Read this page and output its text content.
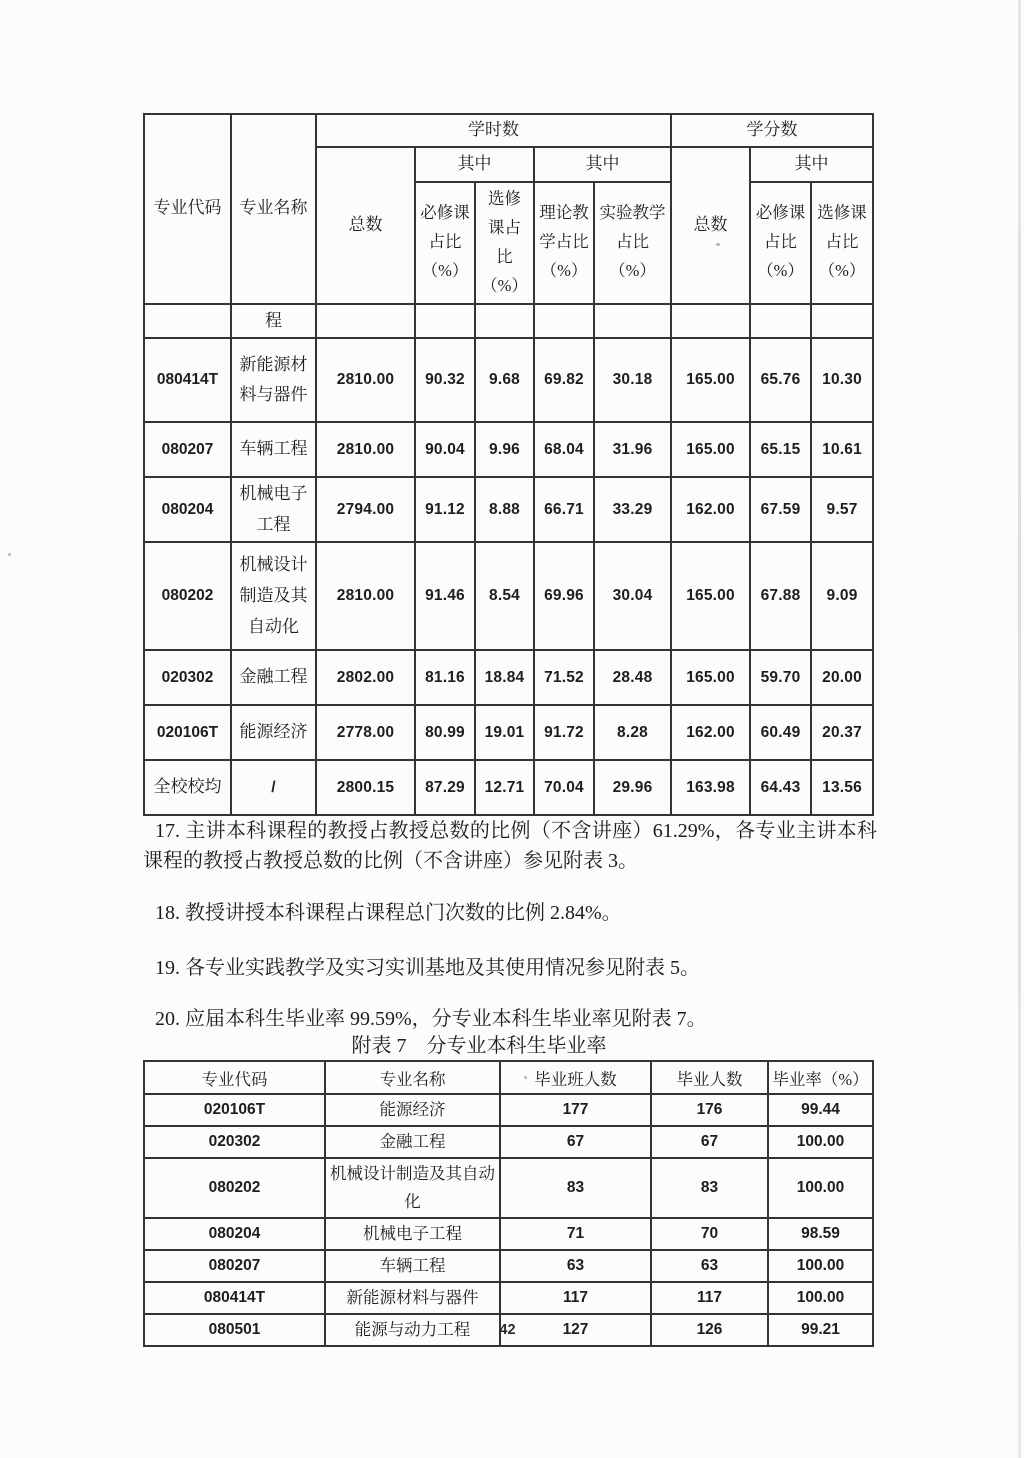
专业代码	专业名称	学时数					学分数		
		总数	其中		其中		总数	其中	
			必修课占比（%）	选修课占比（%）	理论教学占比（%）	实验教学占比（%）		必修课占比（%）	选修课占比（%）
	程								
080414T	新能源材料与器件	2810.00	90.32	9.68	69.82	30.18	165.00	65.76	10.30
080207	车辆工程	2810.00	90.04	9.96	68.04	31.96	165.00	65.15	10.61
080204	机械电子工程	2794.00	91.12	8.88	66.71	33.29	162.00	67.59	9.57
080202	机械设计制造及其自动化	2810.00	91.46	8.54	69.96	30.04	165.00	67.88	9.09
020302	金融工程	2802.00	81.16	18.84	71.52	28.48	165.00	59.70	20.00
020106T	能源经济	2778.00	80.99	19.01	91.72	8.28	162.00	60.49	20.37
全校校均	/	2800.15	87.29	12.71	70.04	29.96	163.98	64.43	13.56

17. 主讲本科课程的教授占教授总数的比例（不含讲座）61.29%，各专业主讲本科课程的教授占教授总数的比例（不含讲座）参见附表 3。

18. 教授讲授本科课程占课程总门次数的比例 2.84%。

19. 各专业实践教学及实习实训基地及其使用情况参见附表 5。

20. 应届本科生毕业率 99.59%，分专业本科生毕业率见附表 7。

附表 7　分专业本科生毕业率
专业代码	专业名称	毕业班人数	毕业人数	毕业率（%）
020106T	能源经济	177	176	99.44
020302	金融工程	67	67	100.00
080202	机械设计制造及其自动化	83	83	100.00
080204	机械电子工程	71	70	98.59
080207	车辆工程	63	63	100.00
080414T	新能源材料与器件	117	117	100.00
080501	能源与动力工程	127	126	99.21
42
